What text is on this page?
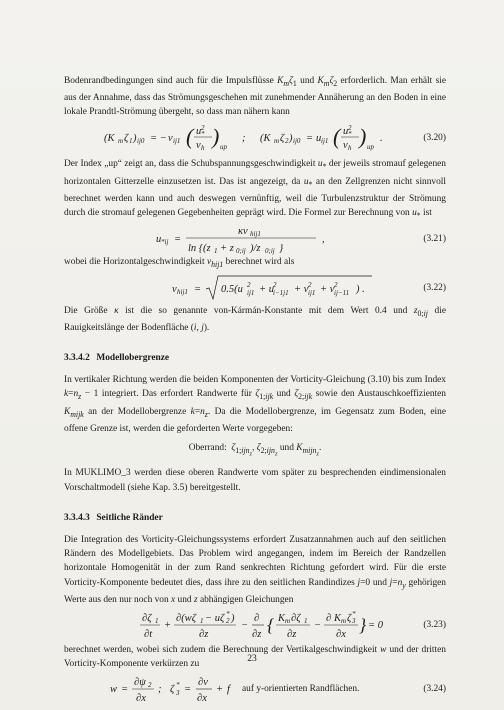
Bodenrandbedingungen sind auch für die Impulsflüsse $K_m\zeta_1$ und $K_m\zeta_2$ erforderlich. Man erhält sie aus der Annahme, dass das Strömungsgeschehen mit zunehmender Annäherung an den Boden in eine lokale Prandtl-Strömung übergeht, so dass man nähern kann

(K m ζ 1 ) ij0 = − v ij1 ( u 2
*
v h ) up
; (K m ζ 2 ) ij0 = u ij1 ( u 2
*
v h ) up
.	(3.20)

Der Index „up“ zeigt an, dass die Schubspannungsgeschwindigkeit $u_*$ der jeweils stromauf gelegenen horizontalen Gitterzelle einzusetzen ist. Das ist angezeigt, da $u_*$ an den Zellgrenzen nicht sinnvoll berechnet werden kann und auch deswegen vernünftig, weil die Turbulenzstruktur der Strömung durch die stromauf gelegenen Gegebenheiten geprägt wird. Die Formel zur Berechnung von $u_*$ ist

u *ij =
κv hij1
ln {(z 1 + z 0;ij )/z 0;ij }
,	(3.21)

wobei die Horizontalgeschwindigkeit $v_{hij1}$ berechnet wird als

v hij1 = 0.5(u 2
ij1 + u 2
i−1j1 + v 2
ij1 + v 2
ij−11 ) .	(3.22)

Die Größe κ ist die so genannte von-Kármán-Konstante mit dem Wert 0.4 und $z_{0;ij}$ die Rauigkeitslänge der Bodenfläche (i, j).

3.3.4.2 Modellobergrenze

In vertikaler Richtung werden die beiden Komponenten der Vorticity-Gleichung (3.10) bis zum Index $k=n_z - 1$ integriert. Das erfordert Randwerte für $\zeta_{1;ijk}$ und $\zeta_{2;ijk}$ sowie den Austauschkoeffizienten $K_{mijk}$ an der Modellobergrenze $k=n_z$. Da die Modellobergrenze, im Gegensatz zum Boden, eine offene Grenze ist, werden die geforderten Werte vorgegeben:

Oberrand: $\zeta_{1;ijn_z}$, $\zeta_{2;ijn_z}$ und $K_{mijn_z}$.

In MUKLIMO_3 werden diese oberen Randwerte vom später zu besprechenden eindimensionalen Vorschaltmodell (siehe Kap. 3.5) bereitgestellt.

3.3.4.3 Seitliche Ränder

Die Integration des Vorticity-Gleichungssystems erfordert Zusatzannahmen auch auf den seitlichen Rändern des Modellgebiets. Das Problem wird angegangen, indem im Bereich der Randzellen horizontale Homogenität in der zum Rand senkrechten Richtung gefordert wird. Für die erste Vorticity-Komponente bedeutet dies, dass ihre zu den seitlichen Randindizes j=0 und $j=n_y$ gehörigen Werte aus den nur noch von x und z abhängigen Gleichungen

∂ζ 1
∂t
+
∂(wζ 1 − uζ *
2 )
∂z
−
∂
∂z { K m ∂ζ 1
∂z
−
∂ K m ζ *
3
∂x } = 0	(3.23)

berechnet werden, wobei sich zudem die Berechnung der Vertikalgeschwindigkeit w und der dritten Vorticity-Komponente verkürzen zu

w =
∂ψ 2
∂x
; ζ *
3 =
∂v
∂x
+ f auf y-orientierten Randflächen.	(3.24)
23
